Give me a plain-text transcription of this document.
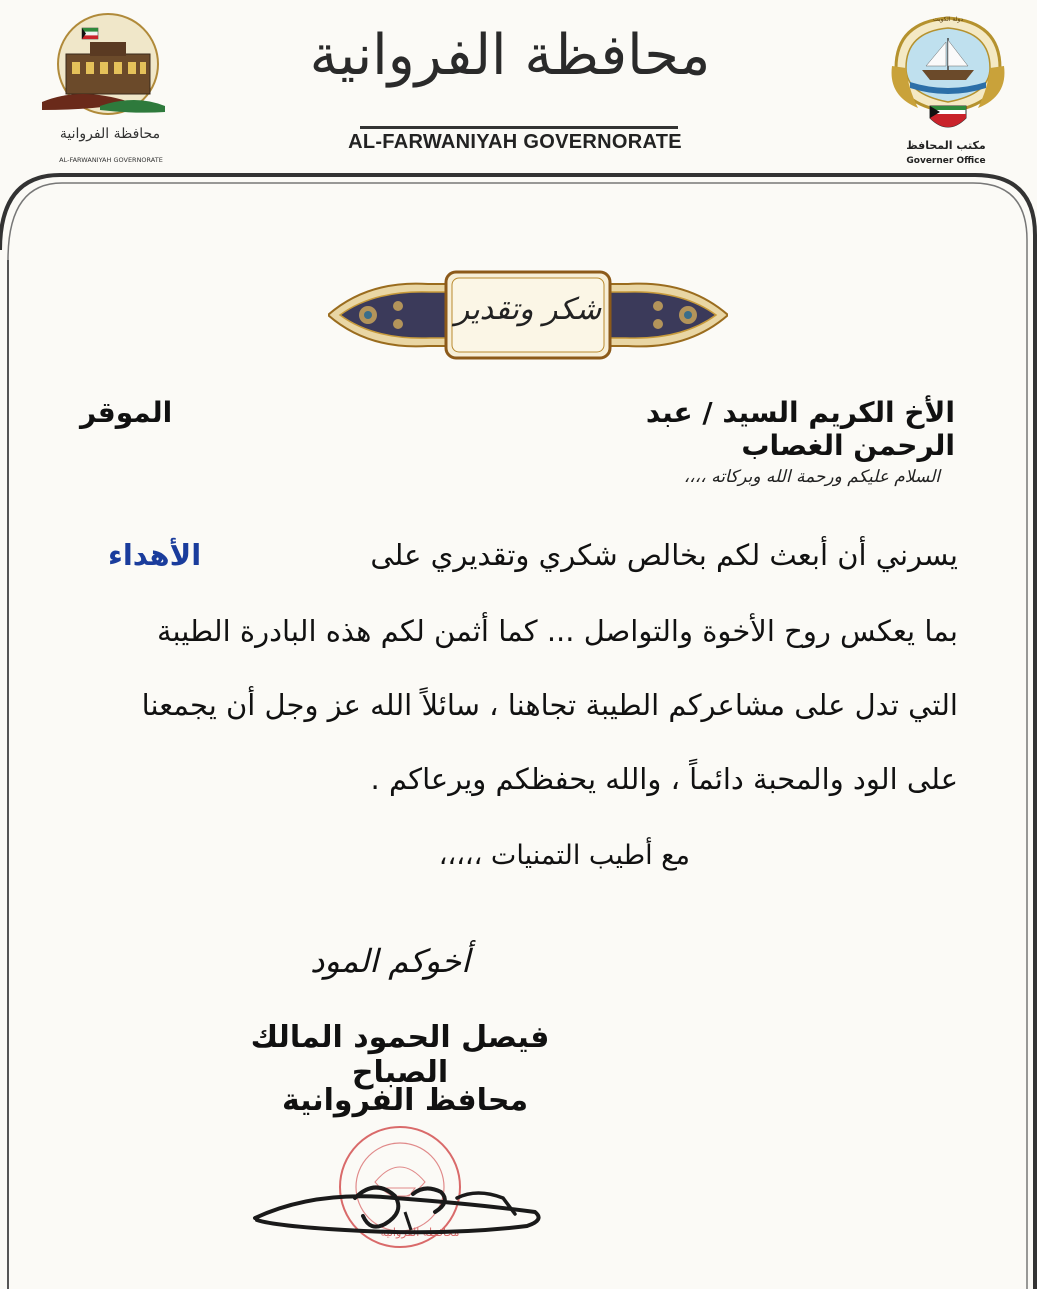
محافظة الفروانية
AL-FARWANIYAH GOVERNORATE
محافظة الفروانية
AL-FARWANIYAH GOVERNORATE
دولة الكويت
مكتب المحافظ
Governer Office
شكر وتقدير
الأخ الكريم السيد / عبد الرحمن الغصاب
الموقر
السلام عليكم ورحمة الله وبركاته ،،،،
يسرني أن أبعث لكم بخالص شكري وتقديري على
الأهداء
بما يعكس روح الأخوة والتواصل ... كما أثمن لكم هذه البادرة الطيبة
التي تدل على مشاعركم الطيبة تجاهنا ، سائلاً الله عز وجل أن يجمعنا
على الود والمحبة دائماً ، والله يحفظكم ويرعاكم .
مع أطيب التمنيات ،،،،،
أخوكم المود
فيصل الحمود المالك الصباح
محافظ الفروانية
محافظة الفروانية
